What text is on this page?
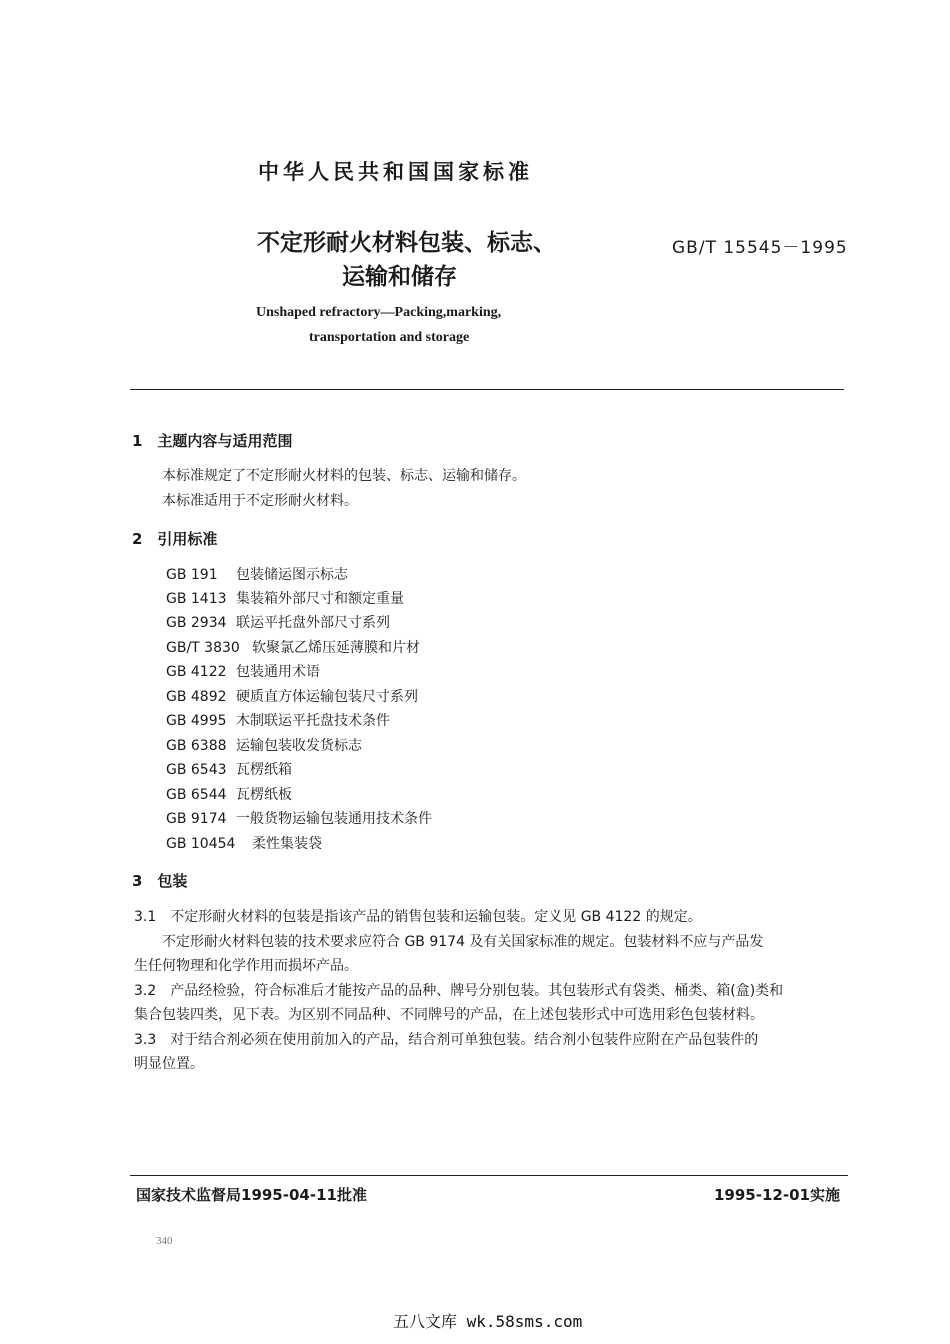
中华人民共和国国家标准
不定形耐火材料包装、标志、
运输和储存
GB/T 15545－1995
Unshaped refractory—Packing,marking,
transportation and storage
1　主题内容与适用范围
本标准规定了不定形耐火材料的包装、标志、运输和储存。
本标准适用于不定形耐火材料。
2　引用标准
GB 191 包装储运图示标志
GB 1413 集装箱外部尺寸和额定重量
GB 2934 联运平托盘外部尺寸系列
GB/T 3830 软聚氯乙烯压延薄膜和片材
GB 4122 包装通用术语
GB 4892 硬质直方体运输包装尺寸系列
GB 4995 木制联运平托盘技术条件
GB 6388 运输包装收发货标志
GB 6543 瓦楞纸箱
GB 6544 瓦楞纸板
GB 9174 一般货物运输包装通用技术条件
GB 10454 柔性集装袋
3　包装
3.1　不定形耐火材料的包装是指该产品的销售包装和运输包装。定义见 GB 4122 的规定。
不定形耐火材料包装的技术要求应符合 GB 9174 及有关国家标准的规定。包装材料不应与产品发
生任何物理和化学作用而损坏产品。
3.2　产品经检验，符合标准后才能按产品的品种、牌号分别包装。其包装形式有袋类、桶类、箱(盒)类和
集合包装四类，见下表。为区别不同品种、不同牌号的产品，在上述包装形式中可选用彩色包装材料。
3.3　对于结合剂必须在使用前加入的产品，结合剂可单独包装。结合剂小包装件应附在产品包装件的
明显位置。
国家技术监督局1995-04-11批准	1995-12-01实施
340
五八文库 wk.58sms.com
